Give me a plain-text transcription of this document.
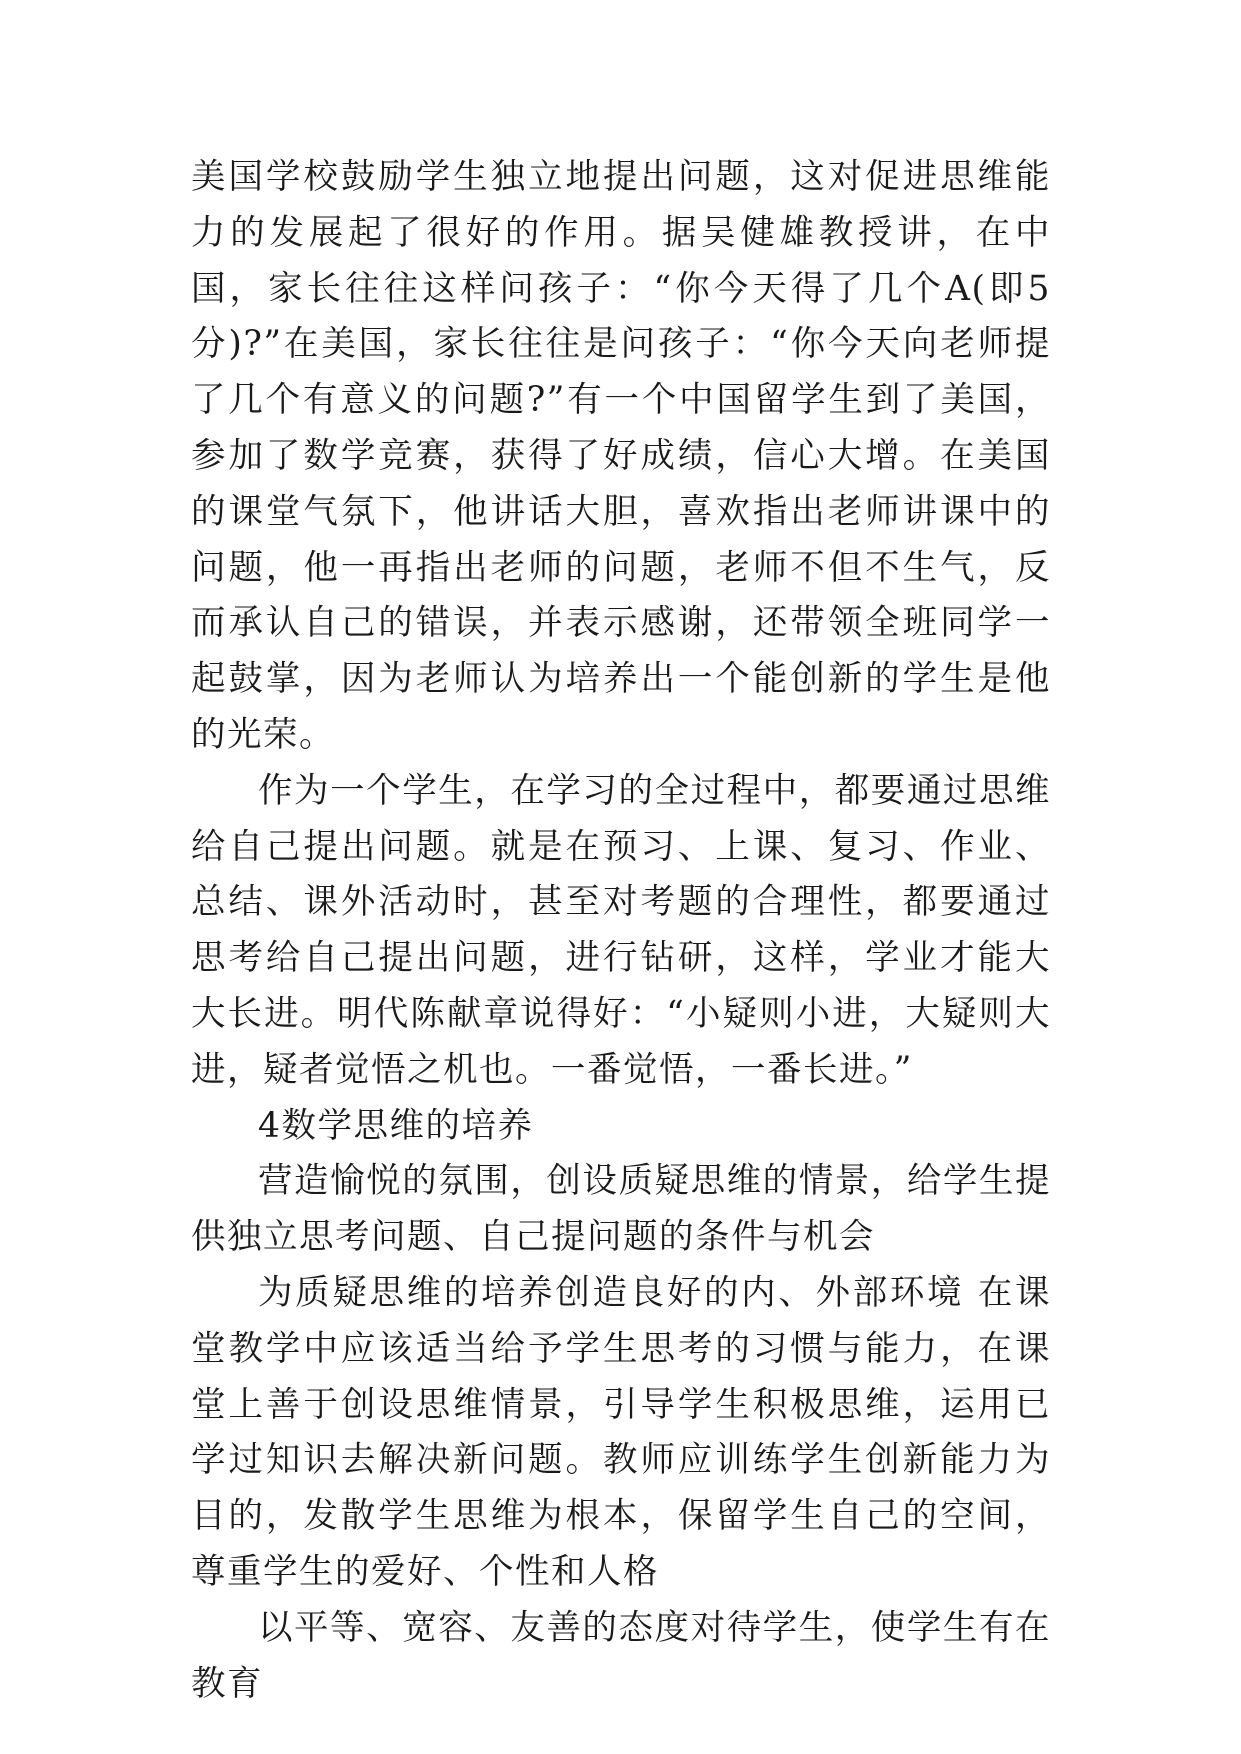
美国学校鼓励学生独立地提出问题，这对促进思维能力的发展起了很好的作用。据吴健雄教授讲，在中国，家长往往这样问孩子：“你今天得了几个A(即5分)?”在美国，家长往往是问孩子：“你今天向老师提了几个有意义的问题?”有一个中国留学生到了美国，参加了数学竞赛，获得了好成绩，信心大增。在美国的课堂气氛下，他讲话大胆，喜欢指出老师讲课中的问题，他一再指出老师的问题，老师不但不生气，反而承认自己的错误，并表示感谢，还带领全班同学一起鼓掌，因为老师认为培养出一个能创新的学生是他的光荣。

作为一个学生，在学习的全过程中，都要通过思维给自己提出问题。就是在预习、上课、复习、作业、总结、课外活动时，甚至对考题的合理性，都要通过思考给自己提出问题，进行钻研，这样，学业才能大大长进。明代陈献章说得好：“小疑则小进，大疑则大进，疑者觉悟之机也。一番觉悟，一番长进。”

4数学思维的培养

营造愉悦的氛围，创设质疑思维的情景，给学生提供独立思考问题、自己提问题的条件与机会

为质疑思维的培养创造良好的内、外部环境 在课堂教学中应该适当给予学生思考的习惯与能力，在课堂上善于创设思维情景，引导学生积极思维，运用已学过知识去解决新问题。教师应训练学生创新能力为目的，发散学生思维为根本，保留学生自己的空间，尊重学生的爱好、个性和人格

以平等、宽容、友善的态度对待学生，使学生有在教育
